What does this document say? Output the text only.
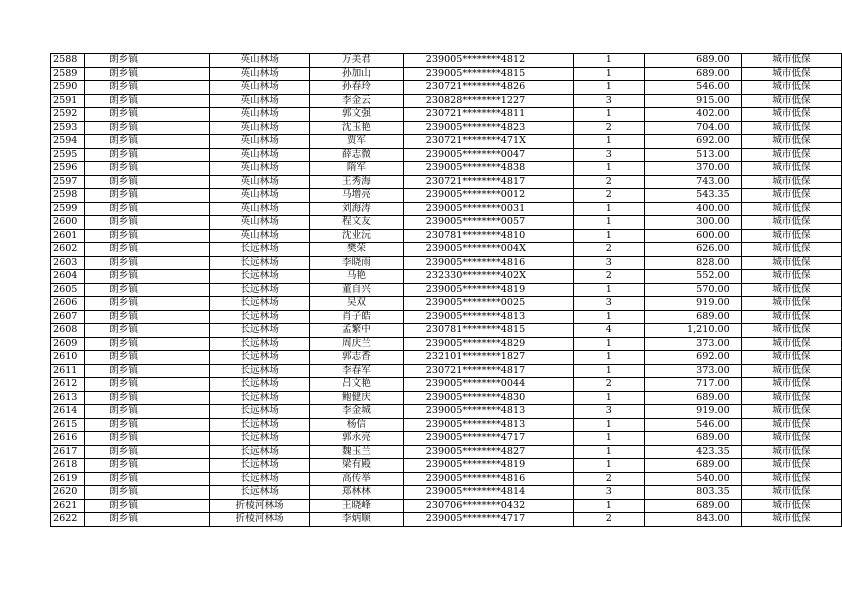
2588	朗乡镇	英山林场	万美君	239005********4812	1	689.00	城市低保
2589	朗乡镇	英山林场	孙加山	239005********4815	1	689.00	城市低保
2590	朗乡镇	英山林场	孙春玲	230721********4826	1	546.00	城市低保
2591	朗乡镇	英山林场	李金云	230828********1227	3	915.00	城市低保
2592	朗乡镇	英山林场	郭文强	230721********4811	1	402.00	城市低保
2593	朗乡镇	英山林场	沈玉艳	239005********4823	2	704.00	城市低保
2594	朗乡镇	英山林场	贾军	230721********471X	1	692.00	城市低保
2595	朗乡镇	英山林场	薛志微	239005********0047	3	513.00	城市低保
2596	朗乡镇	英山林场	隋军	239005********4838	1	370.00	城市低保
2597	朗乡镇	英山林场	王秀海	230721********4817	2	743.00	城市低保
2598	朗乡镇	英山林场	马增亮	239005********0012	2	543.35	城市低保
2599	朗乡镇	英山林场	刘海涛	239005********0031	1	400.00	城市低保
2600	朗乡镇	英山林场	程文友	239005********0057	1	300.00	城市低保
2601	朗乡镇	英山林场	沈业沅	230781********4810	1	600.00	城市低保
2602	朗乡镇	长远林场	樊荣	239005********004X	2	626.00	城市低保
2603	朗乡镇	长远林场	李晓雨	239005********4816	3	828.00	城市低保
2604	朗乡镇	长远林场	马艳	232330********402X	2	552.00	城市低保
2605	朗乡镇	长远林场	董自兴	239005********4819	1	570.00	城市低保
2606	朗乡镇	长远林场	吴双	239005********0025	3	919.00	城市低保
2607	朗乡镇	长远林场	肖子皓	239005********4813	1	689.00	城市低保
2608	朗乡镇	长远林场	孟繁中	230781********4815	4	1,210.00	城市低保
2609	朗乡镇	长远林场	周庆兰	239005********4829	1	373.00	城市低保
2610	朗乡镇	长远林场	郭志香	232101********1827	1	692.00	城市低保
2611	朗乡镇	长远林场	李春军	230721********4817	1	373.00	城市低保
2612	朗乡镇	长远林场	吕文艳	239005********0044	2	717.00	城市低保
2613	朗乡镇	长远林场	鲍健庆	239005********4830	1	689.00	城市低保
2614	朗乡镇	长远林场	李金城	239005********4813	3	919.00	城市低保
2615	朗乡镇	长远林场	杨信	239005********4813	1	546.00	城市低保
2616	朗乡镇	长远林场	郭永亮	239005********4717	1	689.00	城市低保
2617	朗乡镇	长远林场	魏玉兰	239005********4827	1	423.35	城市低保
2618	朗乡镇	长远林场	梁有殿	239005********4819	1	689.00	城市低保
2619	朗乡镇	长远林场	高传举	239005********4816	2	540.00	城市低保
2620	朗乡镇	长远林场	郑林林	239005********4814	3	803.35	城市低保
2621	朗乡镇	折棱河林场	王晓峰	230706********0432	1	689.00	城市低保
2622	朗乡镇	折棱河林场	李炳顺	239005********4717	2	843.00	城市低保
